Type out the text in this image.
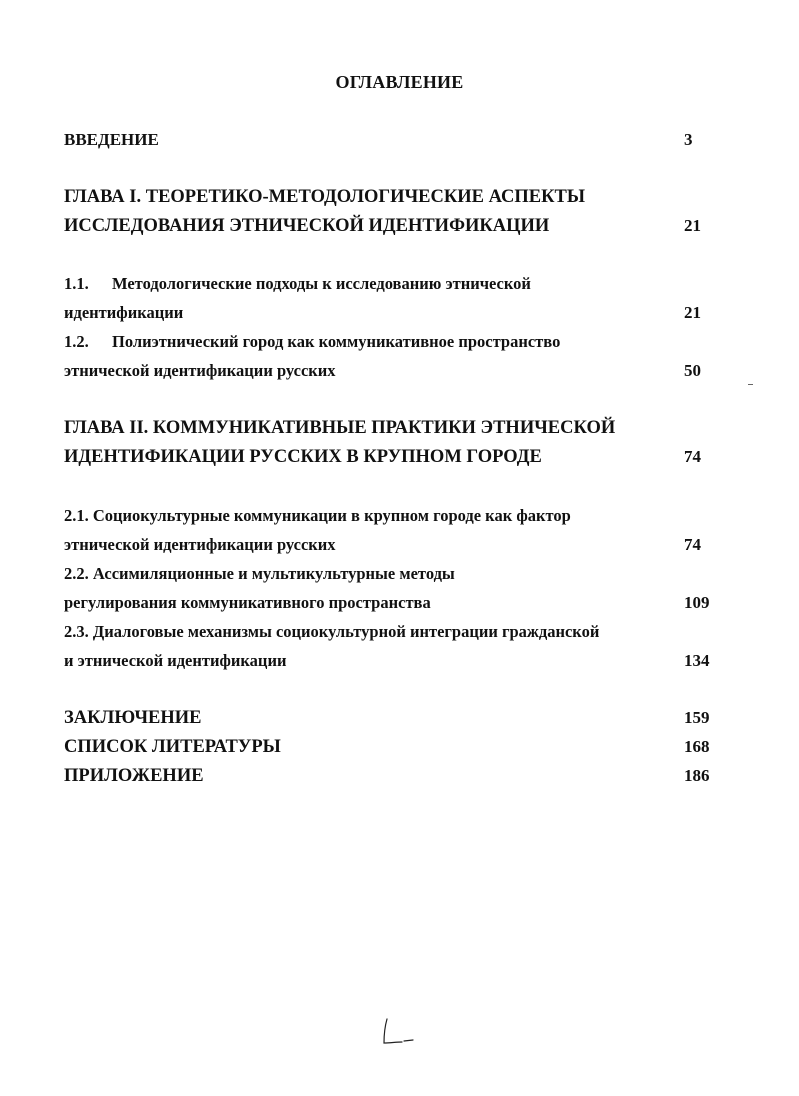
ОГЛАВЛЕНИЕ
ВВЕДЕНИЕ	3
ГЛАВА I. ТЕОРЕТИКО-МЕТОДОЛОГИЧЕСКИЕ АСПЕКТЫ
ИССЛЕДОВАНИЯ ЭТНИЧЕСКОЙ ИДЕНТИФИКАЦИИ	21
1.1. Методологические подходы к исследованию этнической
идентификации	21
1.2. Полиэтнический город как коммуникативное пространство
этнической идентификации русских	50
ГЛАВА II. КОММУНИКАТИВНЫЕ ПРАКТИКИ ЭТНИЧЕСКОЙ
ИДЕНТИФИКАЦИИ РУССКИХ В КРУПНОМ ГОРОДЕ	74
2.1. Социокультурные коммуникации в крупном городе как фактор
этнической идентификации русских	74
2.2. Ассимиляционные и мультикультурные методы
регулирования коммуникативного пространства	109
2.3. Диалоговые механизмы социокультурной интеграции гражданской
и этнической идентификации	134
ЗАКЛЮЧЕНИЕ	159
СПИСОК ЛИТЕРАТУРЫ	168
ПРИЛОЖЕНИЕ	186
